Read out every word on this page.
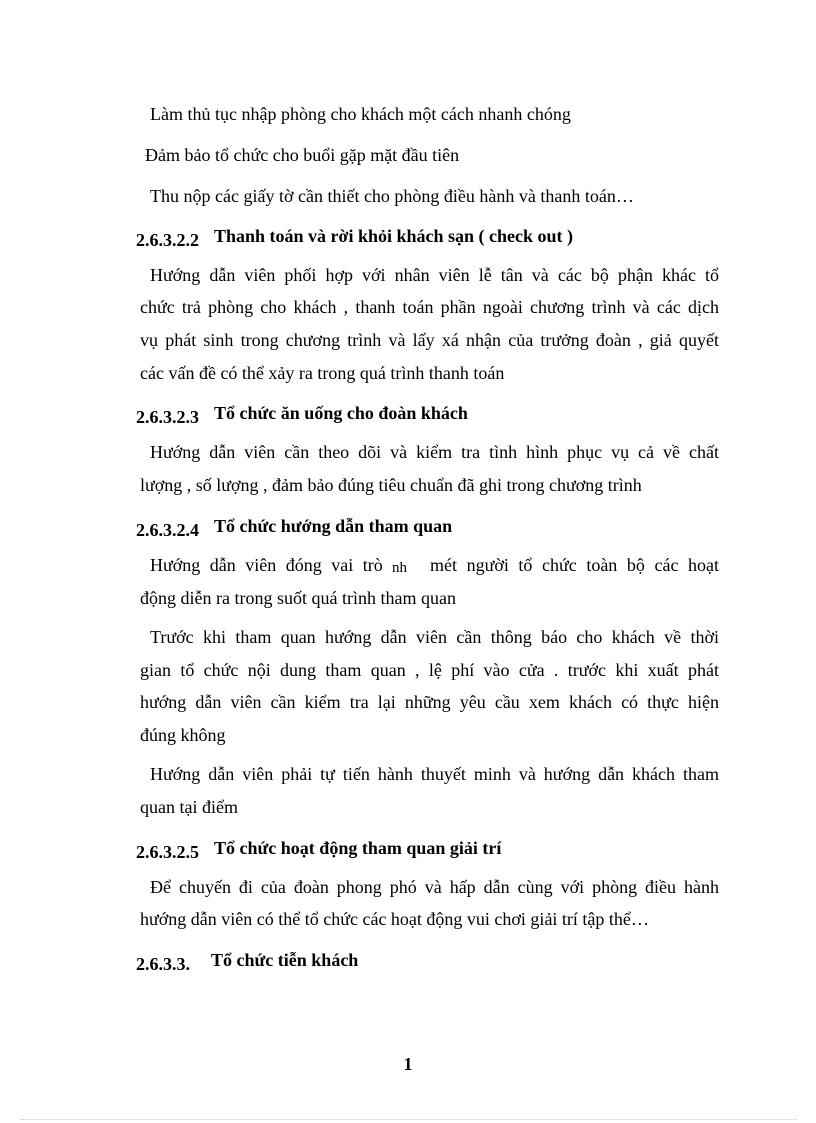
Làm thủ tục nhập phòng cho khách một cách nhanh chóng
Đảm bảo tổ chức cho buổi gặp mặt đầu tiên
Thu nộp các giấy tờ cần thiết cho phòng điều hành và thanh toán…
2.6.3.2.2 Thanh toán và rời khỏi khách sạn ( check out )
Hướng dẫn viên phối hợp với nhân viên lễ tân và các bộ phận khác tổ
chức trả phòng cho khách , thanh toán phần ngoài chương trình và các dịch
vụ phát sinh trong chương trình và lấy xá nhận của trưởng đoàn , giả quyết
các vấn đề có thể xảy ra trong quá trình thanh toán
2.6.3.2.3 Tổ chức ăn uống cho đoàn khách
Hướng dẫn viên cần theo dõi và kiểm tra tình hình phục vụ cả về chất
lượng , số lượng , đảm bảo đúng tiêu chuẩn đã ghi trong chương trình
2.6.3.2.4 Tổ chức hướng dẫn tham quan
Hướng dẫn viên đóng vai trò nh mét người tổ chức toàn bộ các hoạt
động diễn ra trong suốt quá trình tham quan
Trước khi tham quan hướng dẫn viên cần thông báo cho khách về thời
gian tổ chức nội dung tham quan , lệ phí vào cửa . trước khi xuất phát
hướng dẫn viên cần kiểm tra lại những yêu cầu xem khách có thực hiện
đúng không
Hướng dẫn viên phải tự tiến hành thuyết minh và hướng dẫn khách tham
quan tại điểm
2.6.3.2.5 Tổ chức hoạt động tham quan giải trí
Để chuyến đi của đoàn phong phó và hấp dẫn cùng với phòng điều hành
hướng dẫn viên có thể tổ chức các hoạt động vui chơi giải trí tập thể…
2.6.3.3. Tổ chức tiễn khách
1
